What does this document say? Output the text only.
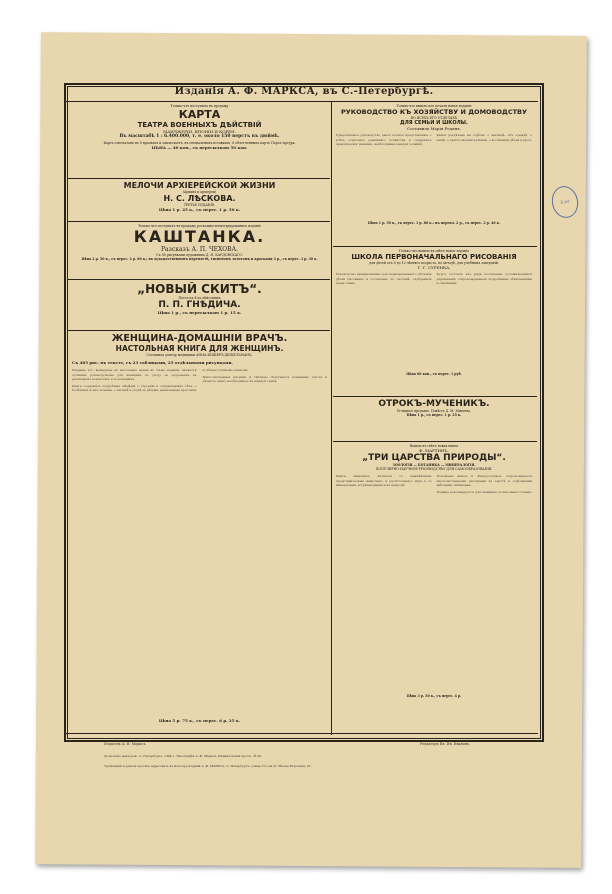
Изданія А. Ф. МАРКСА, въ С.-Петербургѣ.
Только-что поступила въ продажу
КАРТА
ТЕАТРА ВОЕННЫХЪ ДѢЙСТВІЙ
МАНЧЖУРІИ, ЯПОНІИ И КОРЕИ.
Въ масштабѣ 1 : 6.400.000, т. е. около 150 верстъ въ дюймѣ.
Карта отпечатана въ 8 краскахъ и заключаетъ, въ спеціальныхъ вставкахъ, 6 облегченныхъ картъ Порта-Артура.
ЦѢНА — 40 коп., съ пересылкою 50 коп.
МЕЛОЧИ АРХІЕРЕЙСКОЙ ЖИЗНИ
(Архивъ и архіереи)
Н. С. ЛѢСКОВА.
ТРЕТЬЕ ИЗДАНІЕ.
Цѣна 1 р. 25 к., съ перес. 1 р. 50 к.
Только-что поступилъ въ продажу роскошно-иллюстрированное изданіе
КАШТАНКА.
Разсказъ А. П. ЧЕХОВА.
Съ 56 рисунками художника Д. Н. КАРДОВСКАГО.
Цѣна 2 р. 50 к., съ перес. 2 р. 80 к.; въ художественномъ переплетѣ, тисненомъ золотомъ и красками 3 р., съ перес. 3 р. 30 к.
„НОВЫЙ СКИТЪ“.
Пьеса въ 4-хъ дѣйствіяхъ
П. П. ГНѢДИЧА.
Цѣна 1 р., съ пересылкою 1 р. 15 к.
ЖЕНЩИНА-ДОМАШНІЙ ВРАЧЪ.
НАСТОЛЬНАЯ КНИГА ДЛЯ ЖЕНЩИНЪ.
Составила доктор медицины АННА ФИШЕРЪ-ДЮКЕЛЬМАНЪ.
Съ 485 рис. въ тексте, съ 23 таблицами, 25 отдѣльными рисунками.

Издание это, вышедшее въ настоящее время въ 14-мъ изданіи, является лучшимъ руководствомъ для женщинъ по уходу за здоровьемъ въ различныхъ возрастахъ и положеніяхъ.

Книга содержитъ подробныя свѣдѣнія о строеніи и отправленіяхъ тѣла, о болѣзняхъ и ихъ леченіи, о гигіенѣ и уходѣ за дѣтьми, написанныя простымъ и общедоступнымъ языкомъ.

Многочисленные рисунки и таблицы облегчаютъ пониманіе текста и дѣлаютъ книгу необходимою въ каждой семьѣ.

Цѣна 5 р. 75 к., съ перес. 6 р. 25 к.
Только-что вышло изъ печати новое изданіе
РУКОВОДСТВО КЪ ХОЗЯЙСТВУ И ДОМОВОДСТВУ
ВО ВСЕХЪ ЕГО ОТДЕЛАХЪ
ДЛЯ СЕМЬИ И ШКОЛЫ.
Составила Марія Реданъ.

Предлагаемое руководство даетъ полное представленіе о всѣхъ отрасляхъ домашняго хозяйства и содержитъ практическія указанія, необходимыя каждой хозяйкѣ.

Книга раздѣлена на отдѣлы: о жилищѣ, объ одеждѣ, о пищѣ, о приготовленіи кушаній, о воспитаніи дѣтей и проч.

Цѣна 1 р. 50 к., съ перес. 1 р. 80 к.; въ перепл. 2 р., съ перес. 2 р. 40 к.
Только-что вышло въ свѣтъ новое изданіе
ШКОЛА ПЕРВОНАЧАЛЬНАГО РИСОВАНІЯ
для дѣтей отъ 8 до 12-лѣтняго возраста, по методѣ, для учебныхъ заведеній.
Г. Г. СУРЕНКА.

Руководство предназначено для первоначальнаго обученія дѣтей рисованію и составлено по системѣ, одобренной педагогами.

Курсъ состоитъ изъ ряда постепенно усложняющихся упражненій, сопровождаемыхъ подробными объясненіями и образцами.

Цѣна 60 коп., съ перес. 1 руб.
ОТРОКЪ-МУЧЕНИКЪ.
Углицкое преданіе. Повѣсть Д. М. Михеева.
Цѣна 1 р., съ перес. 1 р. 25 к.
Вышла въ свѣтъ новая книга
Ф. МАРТИНЪ.
„ТРИ ЦАРСТВА ПРИРОДЫ“.
ЗООЛОГІЯ — БОТАНИКА — МИНЕРАЛОГІЯ.
ПОПУЛЯРНО-НАУЧНОЕ РУКОВОДСТВО ДЛЯ САМООБРАЗОВАНІЯ.

Книга знакомитъ читателя съ важнѣйшими представителями животнаго и растительнаго міра и съ минералами, встрѣчающимися въ природѣ.

Изложеніе живое и общедоступное, сопровождается многочисленными рисунками въ текстѣ и отдѣльными цвѣтными таблицами.

Изданіе рекомендуется для семейнаго и школьнаго чтенія.

Цѣна 3 р. 50 к., съ перес. 4 р.
Издатель А. Ф. Марксъ.	Редакторъ Вл. Ив. Ивановъ.
Дозволено цензурою. С.-Петербургъ, 1904 г. Типографія А. Ф. Маркса, Измайловскій просп., № 29.
Требованія и деньги просить адресовать въ Контору изданій А. Ф. МАРКСА, С.-Петербургъ, улица Гоголя (б. Малая Морская), 22.
Б-ка
